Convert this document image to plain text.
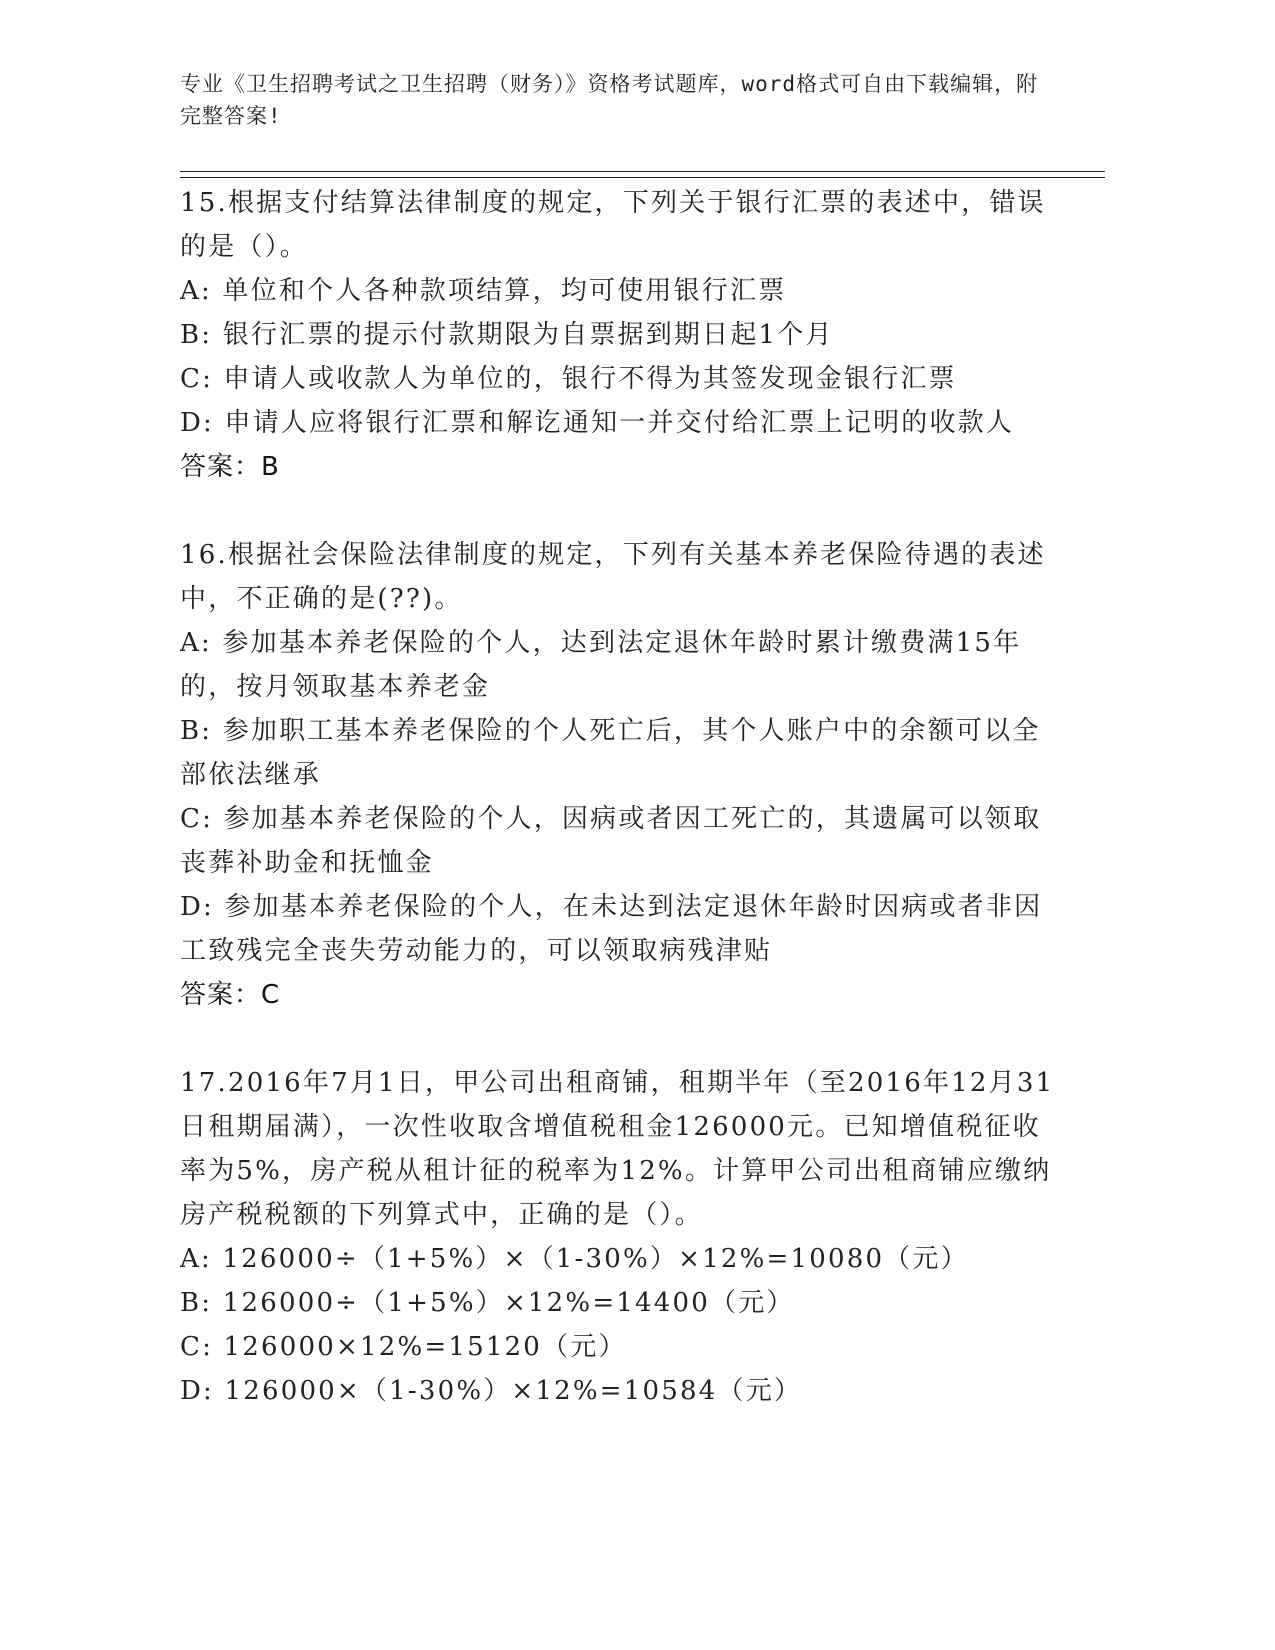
专业《卫生招聘考试之卫生招聘（财务）》资格考试题库，word格式可自由下载编辑，附完整答案!

15.根据支付结算法律制度的规定，下列关于银行汇票的表述中，错误的是（）。

A: 单位和个人各种款项结算，均可使用银行汇票

B: 银行汇票的提示付款期限为自票据到期日起1个月

C: 申请人或收款人为单位的，银行不得为其签发现金银行汇票

D: 申请人应将银行汇票和解讫通知一并交付给汇票上记明的收款人

答案：B

16.根据社会保险法律制度的规定，下列有关基本养老保险待遇的表述中，不正确的是(??)。

A: 参加基本养老保险的个人，达到法定退休年龄时累计缴费满15年的，按月领取基本养老金

B: 参加职工基本养老保险的个人死亡后，其个人账户中的余额可以全部依法继承

C: 参加基本养老保险的个人，因病或者因工死亡的，其遗属可以领取丧葬补助金和抚恤金

D: 参加基本养老保险的个人，在未达到法定退休年龄时因病或者非因工致残完全丧失劳动能力的，可以领取病残津贴

答案：C

17.2016年7月1日，甲公司出租商铺，租期半年（至2016年12月31日租期届满），一次性收取含增值税租金126000元。已知增值税征收率为5%，房产税从租计征的税率为12%。计算甲公司出租商铺应缴纳房产税税额的下列算式中，正确的是（）。

A: 126000÷（1+5%）×（1-30%）×12%=10080（元）

B: 126000÷（1+5%）×12%=14400（元）

C: 126000×12%=15120（元）

D: 126000×（1-30%）×12%=10584（元）
